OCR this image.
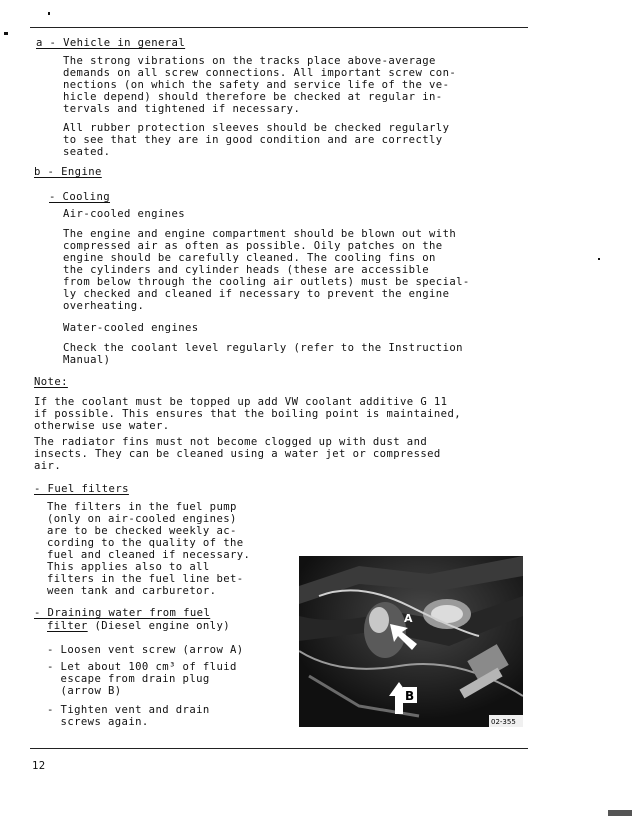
a - Vehicle in general
The strong vibrations on the tracks place above-average
demands on all screw connections. All important screw con-
nections (on which the safety and service life of the ve-
hicle depend) should therefore be checked at regular in-
tervals and tightened if necessary.
All rubber protection sleeves should be checked regularly
to see that they are in good condition and are correctly
seated.
b - Engine
- Cooling
Air-cooled engines
The engine and engine compartment should be blown out with
compressed air as often as possible. Oily patches on the
engine should be carefully cleaned. The cooling fins on
the cylinders and cylinder heads (these are accessible
from below through the cooling air outlets) must be special-
ly checked and cleaned if necessary to prevent the engine
overheating.
Water-cooled engines
Check the coolant level regularly (refer to the Instruction
Manual)
Note:
If the coolant must be topped up add VW coolant additive G 11
if possible. This ensures that the boiling point is maintained,
otherwise use water.
The radiator fins must not become clogged up with dust and
insects. They can be cleaned using a water jet or compressed
air.
- Fuel filters
The filters in the fuel pump
(only on air-cooled engines)
are to be checked weekly ac-
cording to the quality of the
fuel and cleaned if necessary.
This applies also to all
filters in the fuel line bet-
ween tank and carburetor.
- Draining water from fuel
filter (Diesel engine only)
- Loosen vent screw (arrow A)
- Let about 100 cm³ of fluid
escape from drain plug
(arrow B)
- Tighten vent and drain
screws again.
A
B
02-355
12
